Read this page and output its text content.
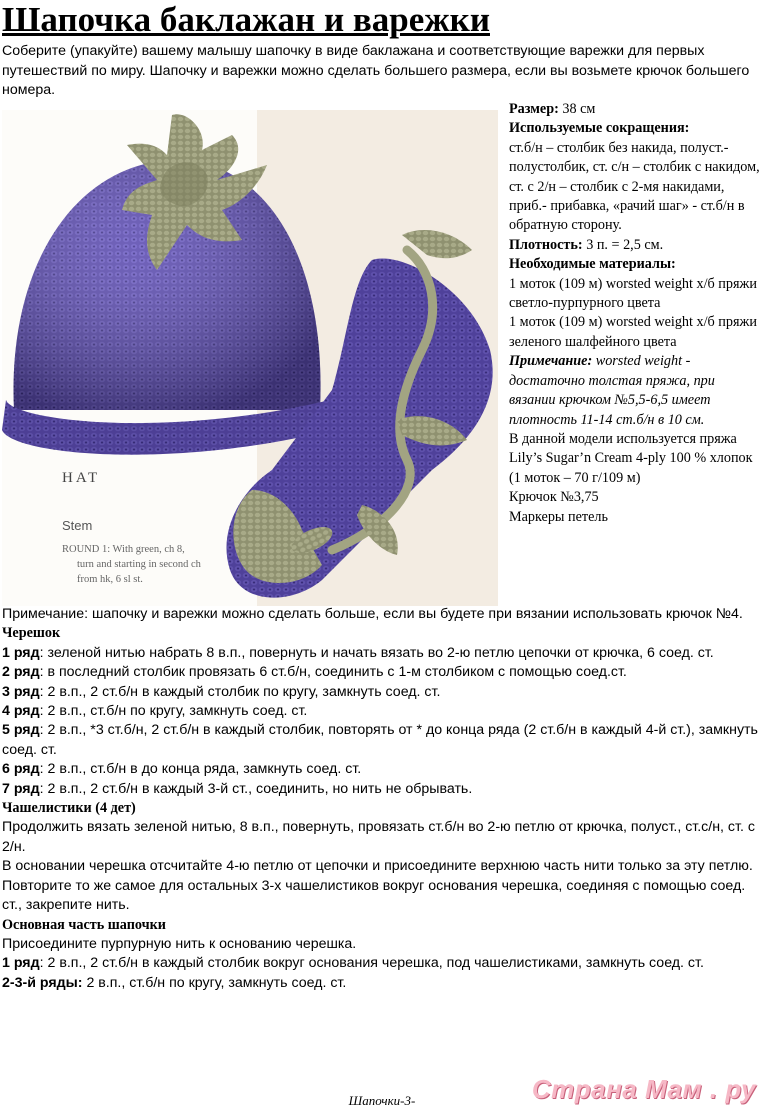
Шапочка баклажан и варежки
Соберите (упакуйте) вашему малышу шапочку в виде баклажана и соответствующие варежки для первых путешествий по миру. Шапочку и варежки можно сделать большего размера, если вы возьмете крючок большего номера.
HAT
Stem
ROUND 1: With green, ch 8,
turn and starting in second ch
from hk, 6 sl st.

Размер: 38 см

Используемые сокращения:

ст.б/н – столбик без накида, полуст.- полустолбик, ст. с/н – столбик с накидом, ст. с 2/н – столбик с 2-мя накидами, приб.- прибавка, «рачий шаг» - ст.б/н в обратную сторону.

Плотность: 3 п. = 2,5 см.

Необходимые материалы:

1 моток (109 м) worsted weight х/б пряжи светло-пурпурного цвета

1 моток (109 м) worsted weight х/б пряжи зеленого шалфейного цвета

Примечание: worsted weight - достаточно толстая пряжа, при вязании крючком №5,5-6,5 имеет плотность 11-14 ст.б/н в 10 см.

В данной модели используется пряжа Lily’s Sugar’n Cream 4-ply 100 % хлопок (1 моток – 70 г/109 м)

Крючок №3,75

Маркеры петель

Примечание: шапочку и варежки можно сделать больше, если вы будете при вязании использовать крючок №4.

Черешок

1 ряд: зеленой нитью набрать 8 в.п., повернуть и начать вязать во 2-ю петлю цепочки от крючка, 6 соед. ст.

2 ряд: в последний столбик провязать 6 ст.б/н, соединить с 1-м столбиком с помощью соед.ст.

3 ряд: 2 в.п., 2 ст.б/н в каждый столбик по кругу, замкнуть соед. ст.

4 ряд: 2 в.п., ст.б/н по кругу, замкнуть соед. ст.

5 ряд: 2 в.п., *3 ст.б/н, 2 ст.б/н в каждый столбик, повторять от * до конца ряда (2 ст.б/н в каждый 4-й ст.), замкнуть соед. ст.

6 ряд: 2 в.п., ст.б/н в до конца ряда, замкнуть соед. ст.

7 ряд: 2 в.п., 2 ст.б/н в каждый 3-й ст., соединить, но нить не обрывать.

Чашелистики (4 дет)

Продолжить вязать зеленой нитью, 8 в.п., повернуть, провязать ст.б/н во 2-ю петлю от крючка, полуст., ст.с/н, ст. с 2/н.

В основании черешка отсчитайте 4-ю петлю от цепочки и присоедините верхнюю часть нити только за эту петлю.

Повторите то же самое для остальных 3-х чашелистиков вокруг основания черешка, соединяя с помощью соед. ст., закрепите нить.

Основная часть шапочки

Присоедините пурпурную нить к основанию черешка.

1 ряд: 2 в.п., 2 ст.б/н в каждый столбик вокруг основания черешка, под чашелистиками, замкнуть соед. ст.

2-3-й ряды: 2 в.п., ст.б/н по кругу, замкнуть соед. ст.

Страна Мам . ру
Шапочки-3-
